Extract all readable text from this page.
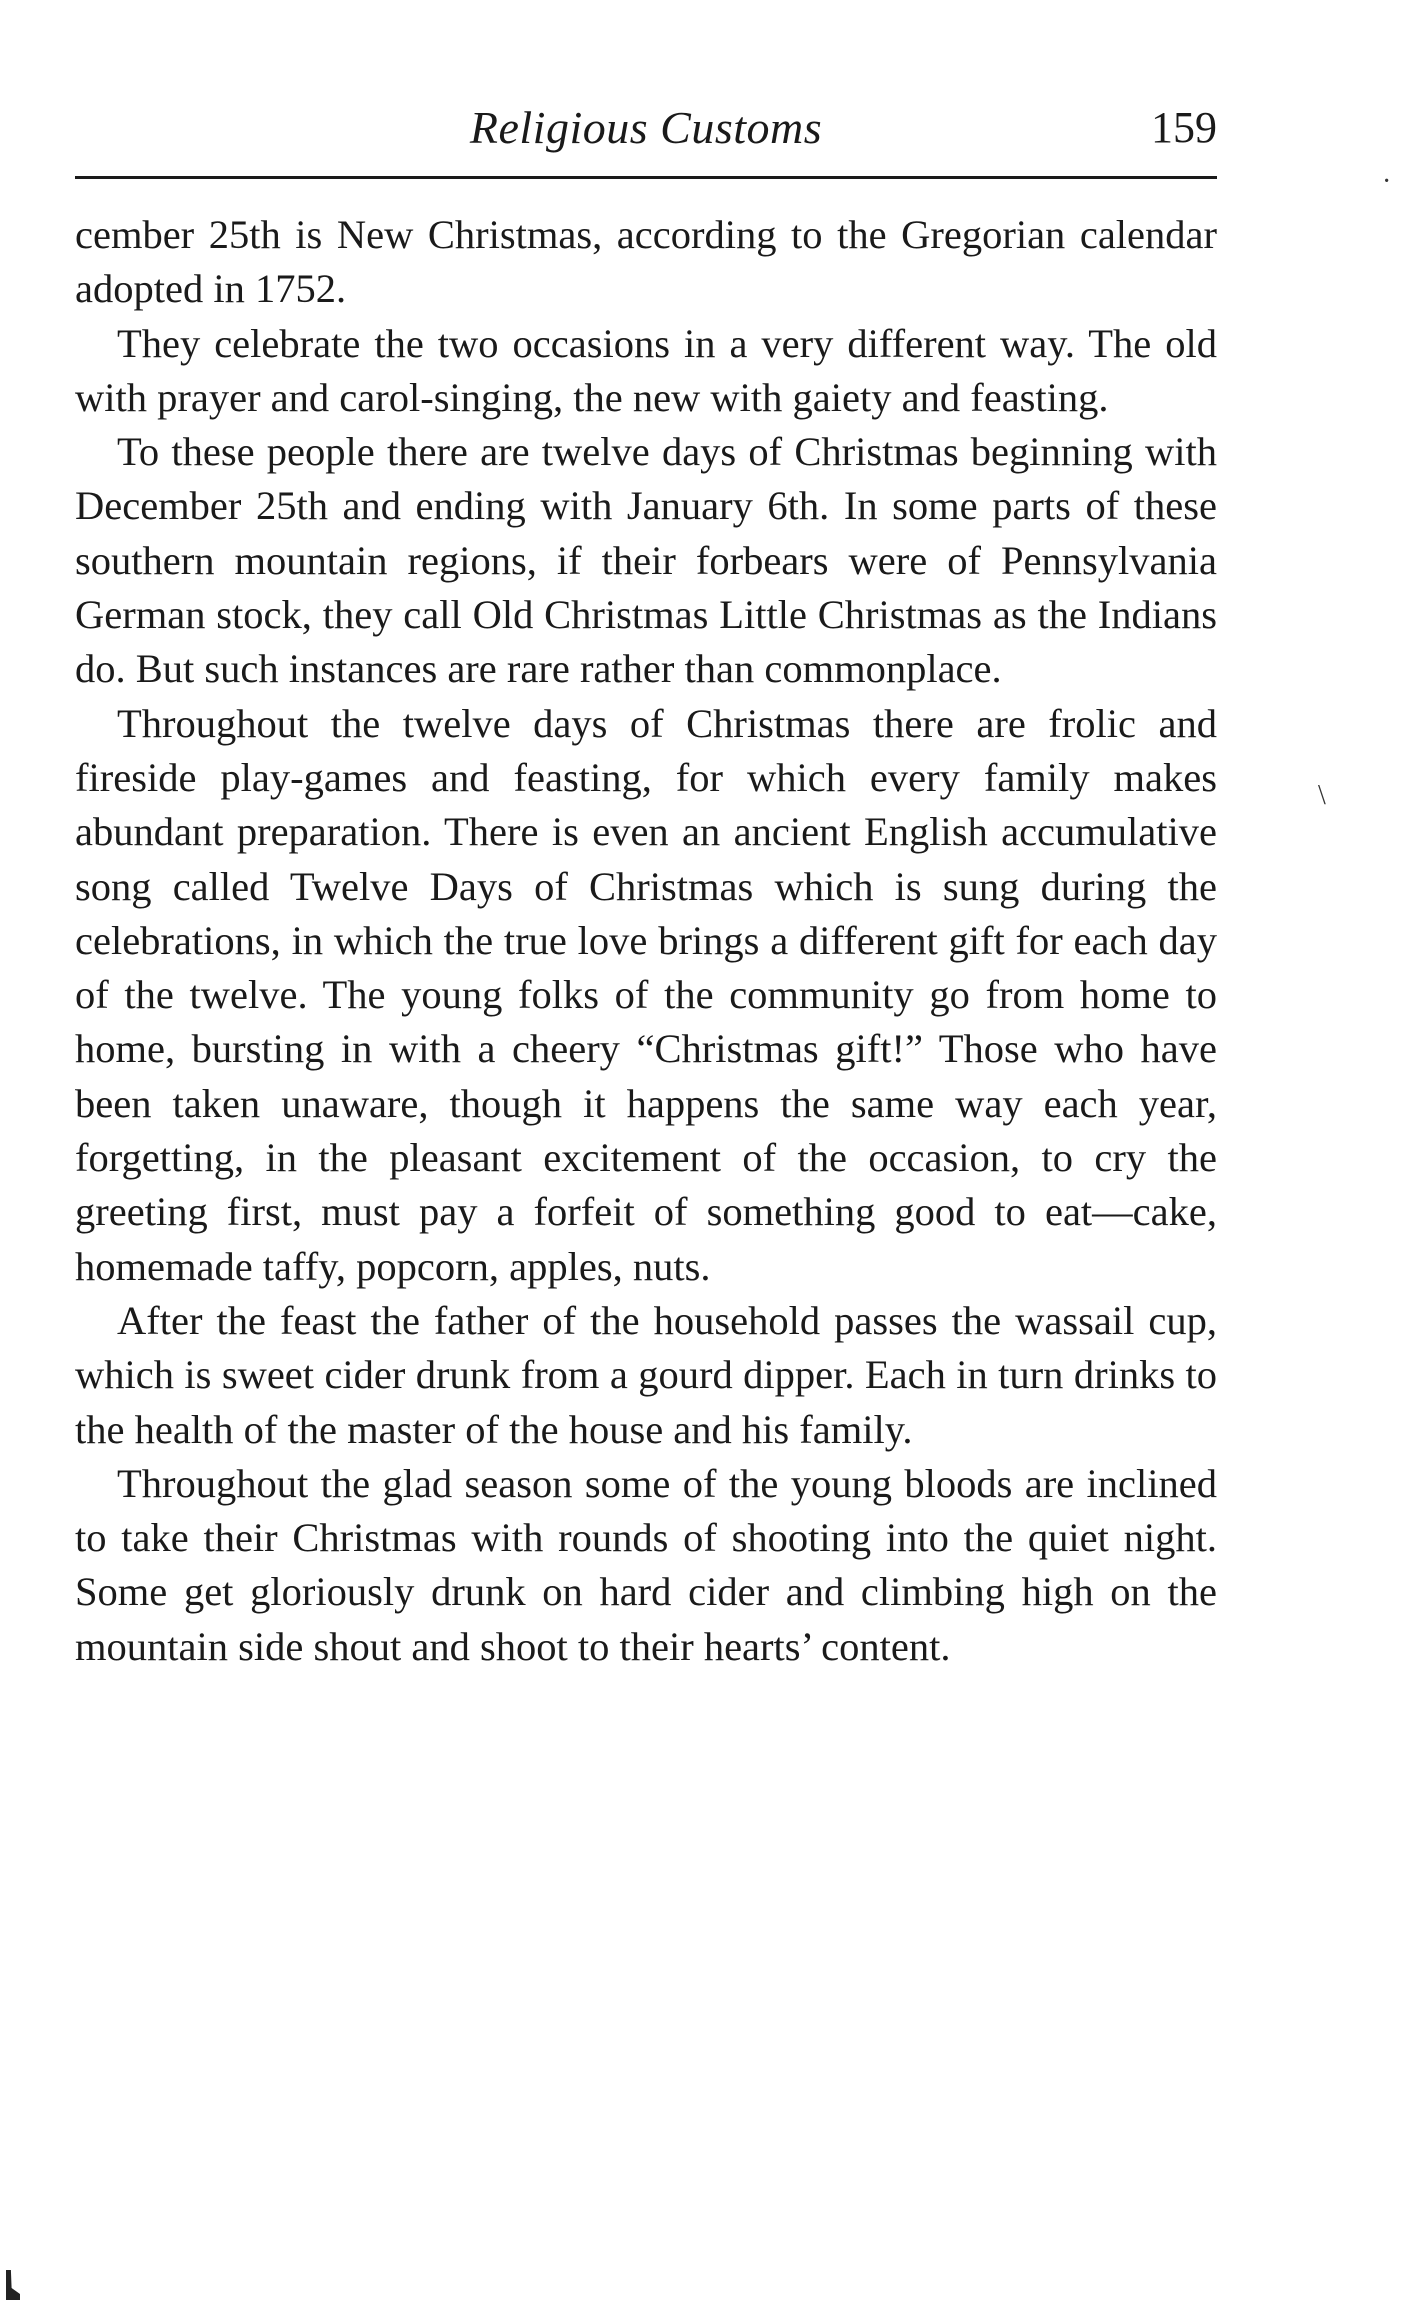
Religious Customs	159

cember 25th is New Christmas, according to the Gregorian calendar adopted in 1752.

They celebrate the two occasions in a very different way. The old with prayer and carol-singing, the new with gaiety and feasting.

To these people there are twelve days of Christmas beginning with December 25th and ending with January 6th. In some parts of these southern mountain regions, if their forbears were of Pennsylvania German stock, they call Old Christmas Little Christmas as the Indians do. But such instances are rare rather than commonplace.

Throughout the twelve days of Christmas there are frolic and fireside play-games and feasting, for which every family makes abundant preparation. There is even an ancient English accumulative song called Twelve Days of Christmas which is sung during the celebrations, in which the true love brings a different gift for each day of the twelve. The young folks of the community go from home to home, bursting in with a cheery “Christmas gift!” Those who have been taken unaware, though it happens the same way each year, forgetting, in the pleasant excitement of the occasion, to cry the greeting first, must pay a forfeit of something good to eat—cake, homemade taffy, popcorn, apples, nuts.

After the feast the father of the household passes the wassail cup, which is sweet cider drunk from a gourd dipper. Each in turn drinks to the health of the master of the house and his family.

Throughout the glad season some of the young bloods are inclined to take their Christmas with rounds of shooting into the quiet night. Some get gloriously drunk on hard cider and climbing high on the mountain side shout and shoot to their hearts’ content.

·
\
